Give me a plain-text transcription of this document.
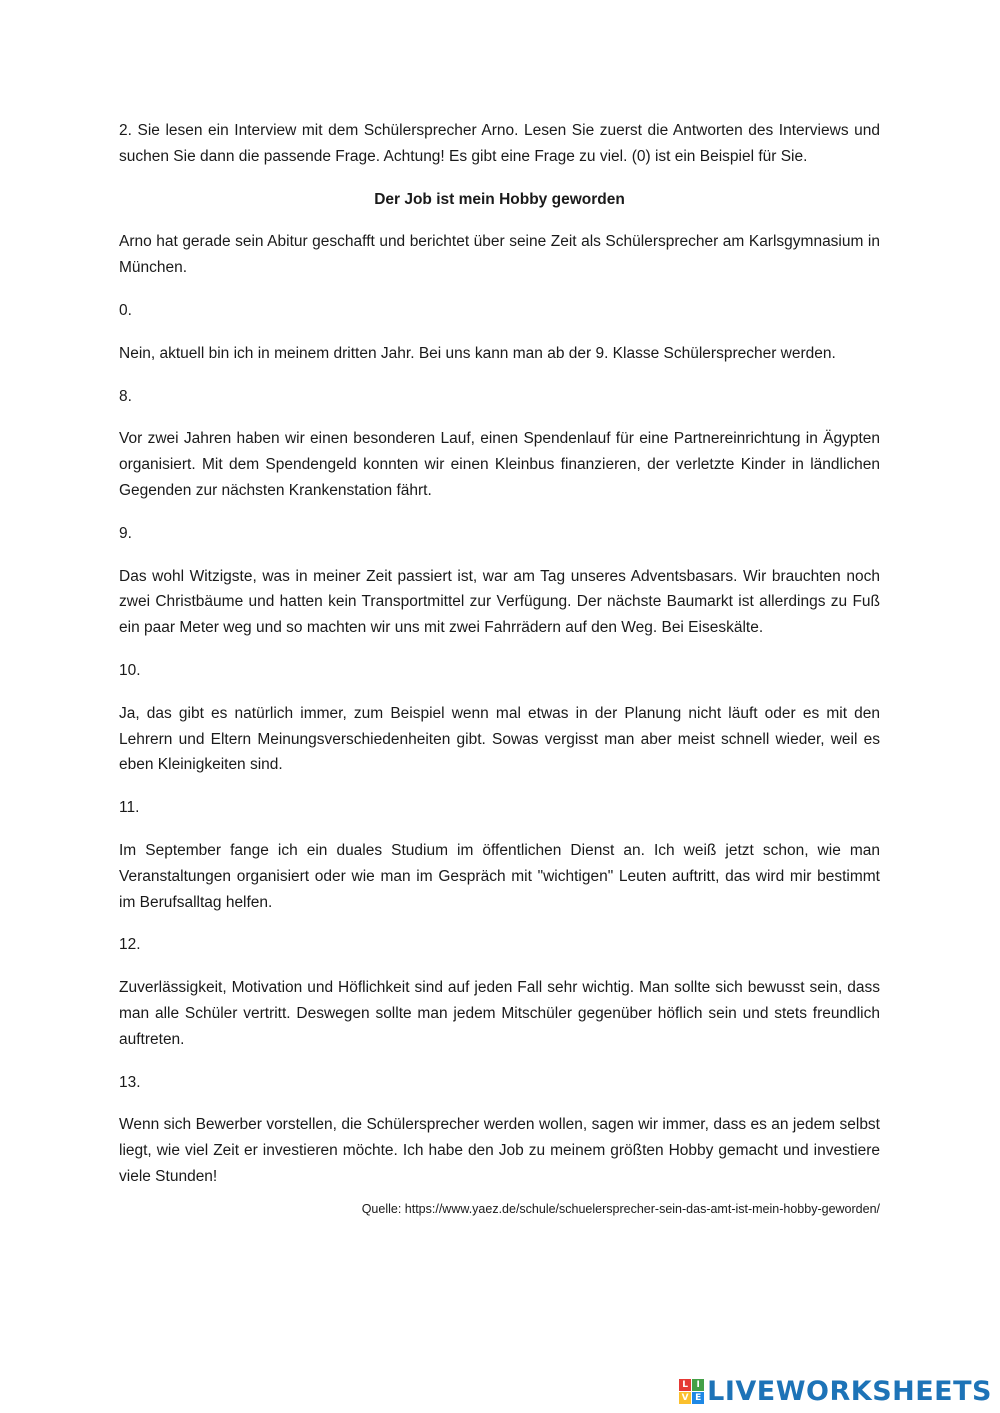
2. Sie lesen ein Interview mit dem Schülersprecher Arno. Lesen Sie zuerst die Antworten des Interviews und suchen Sie dann die passende Frage. Achtung! Es gibt eine Frage zu viel. (0) ist ein Beispiel für Sie.

Der Job ist mein Hobby geworden

Arno hat gerade sein Abitur geschafft und berichtet über seine Zeit als Schülersprecher am Karlsgymnasium in München.

0.

Nein, aktuell bin ich in meinem dritten Jahr. Bei uns kann man ab der 9. Klasse Schülersprecher werden.

8.

Vor zwei Jahren haben wir einen besonderen Lauf, einen Spendenlauf für eine Partnereinrichtung in Ägypten organisiert. Mit dem Spendengeld konnten wir einen Kleinbus finanzieren, der verletzte Kinder in ländlichen Gegenden zur nächsten Krankenstation fährt.

9.

Das wohl Witzigste, was in meiner Zeit passiert ist, war am Tag unseres Adventsbasars. Wir brauchten noch zwei Christbäume und hatten kein Transportmittel zur Verfügung. Der nächste Baumarkt ist allerdings zu Fuß ein paar Meter weg und so machten wir uns mit zwei Fahrrädern auf den Weg. Bei Eiseskälte.

10.

Ja, das gibt es natürlich immer, zum Beispiel wenn mal etwas in der Planung nicht läuft oder es mit den Lehrern und Eltern Meinungsverschiedenheiten gibt. Sowas vergisst man aber meist schnell wieder, weil es eben Kleinigkeiten sind.

11.

Im September fange ich ein duales Studium im öffentlichen Dienst an. Ich weiß jetzt schon, wie man Veranstaltungen organisiert oder wie man im Gespräch mit "wichtigen" Leuten auftritt, das wird mir bestimmt im Berufsalltag helfen.

12.

Zuverlässigkeit, Motivation und Höflichkeit sind auf jeden Fall sehr wichtig. Man sollte sich bewusst sein, dass man alle Schüler vertritt. Deswegen sollte man jedem Mitschüler gegenüber höflich sein und stets freundlich auftreten.

13.

Wenn sich Bewerber vorstellen, die Schülersprecher werden wollen, sagen wir immer, dass es an jedem selbst liegt, wie viel Zeit er investieren möchte. Ich habe den Job zu meinem größten Hobby gemacht und investiere viele Stunden!

Quelle: https://www.yaez.de/schule/schuelersprecher-sein-das-amt-ist-mein-hobby-geworden/

L I
V E LIVEWORKSHEETS
